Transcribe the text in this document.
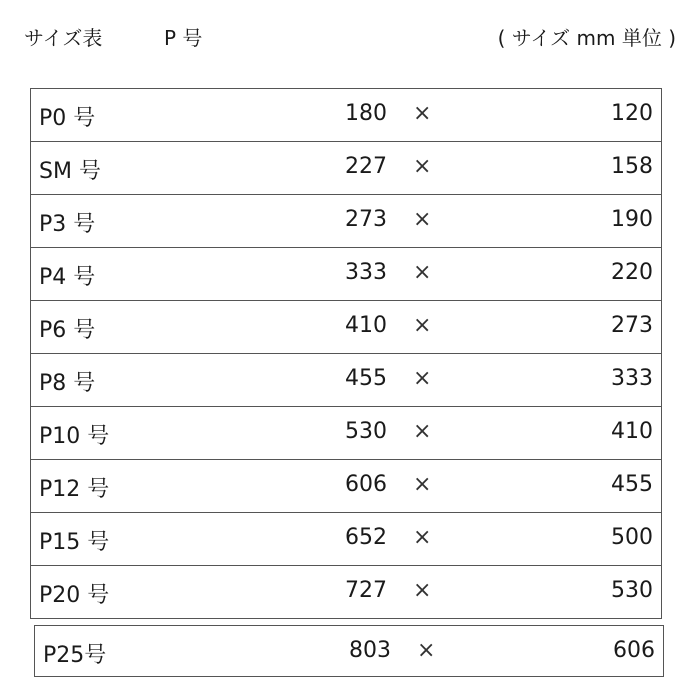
サイズ表	P 号	( サイズ mm 単位 )
P0 号	180 ×	120
SM 号	227 ×	158
P3 号	273 ×	190
P4 号	333 ×	220
P6 号	410 ×	273
P8 号	455 ×	333
P10 号	530 ×	410
P12 号	606 ×	455
P15 号	652 ×	500
P20 号	727 ×	530
P25号	803 ×	606
